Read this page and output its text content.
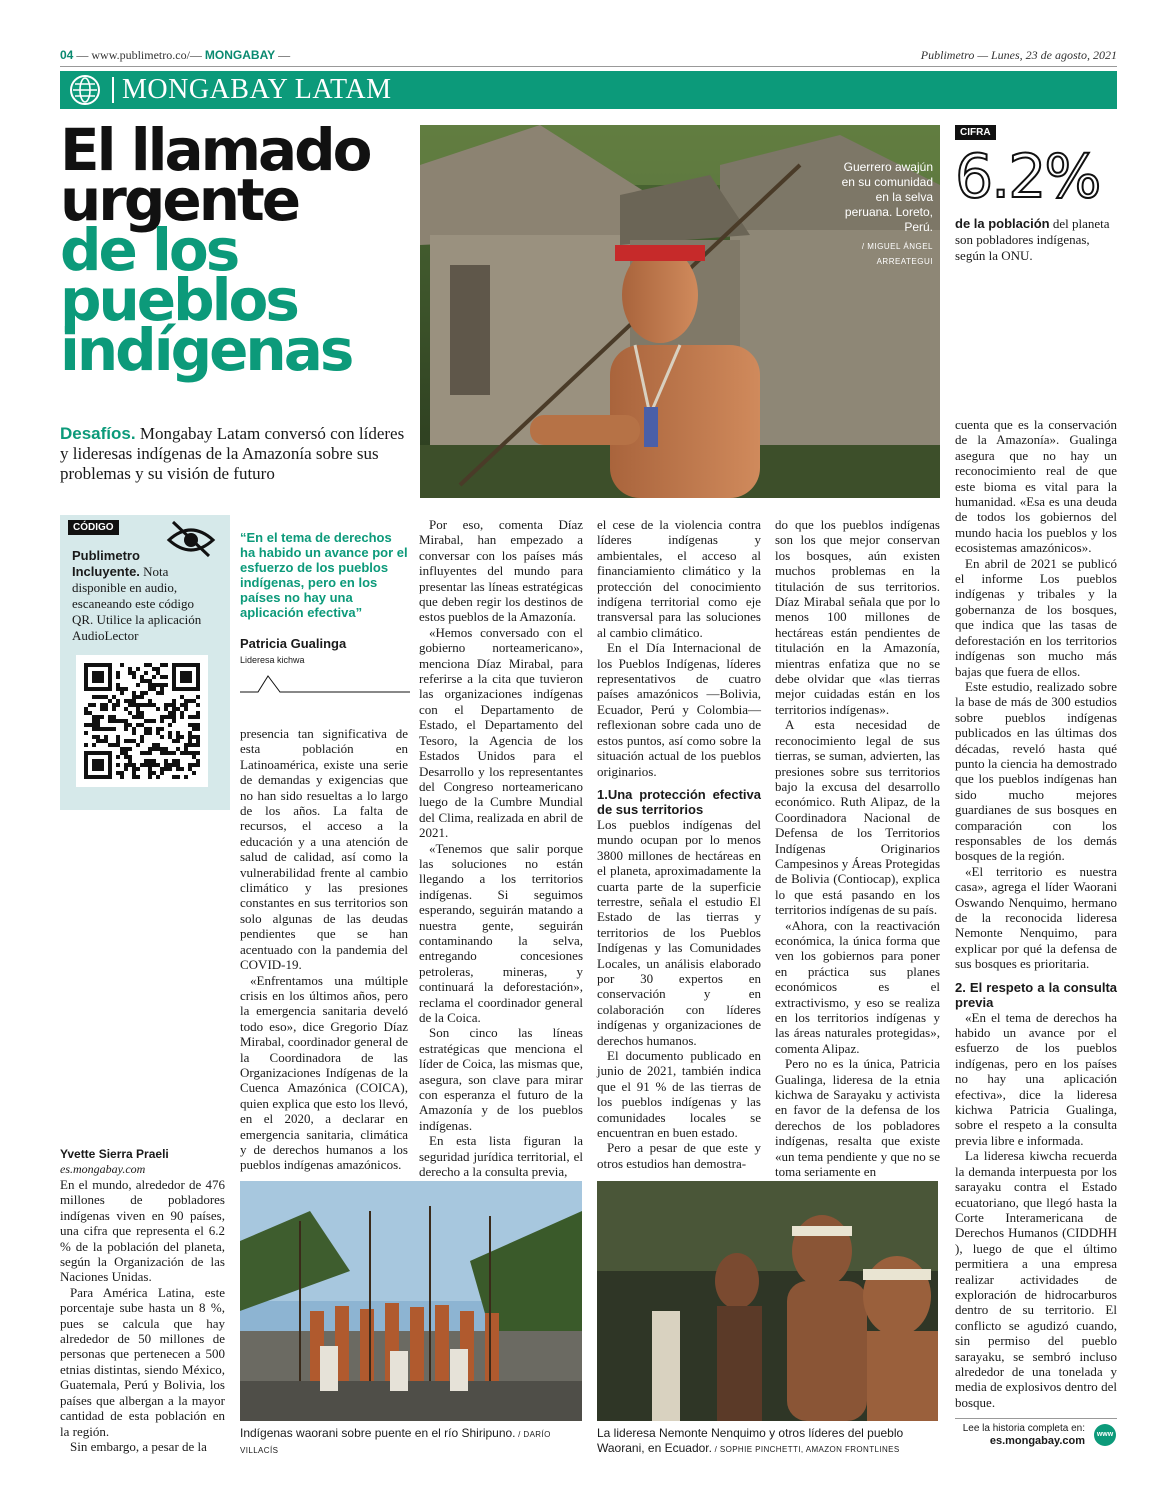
04 — www.publimetro.co/— MONGABAY —	Publimetro — Lunes, 23 de agosto, 2021
MONGABAY LATAM
El llamado
urgente
de los
pueblos
indígenas
Desafíos. Mongabay Latam conversó con líderes y lideresas indígenas de la Amazonía sobre sus problemas y su visión de futuro
Guerrero awajún en su comunidad en la selva peruana. Loreto, Perú.
/ MIGUEL ÁNGEL ARREATEGUI
CIFRA
6.2%
de la población del planeta son pobladores indígenas, según la ONU.
CÓDIGO
Publimetro Incluyente. Nota disponible en audio, escaneando este código QR. Utilice la aplicación AudioLector
“En el tema de derechos ha habido un avance por el esfuerzo de los pueblos indígenas, pero en los países no hay una aplicación efectiva”
Patricia Gualinga
Lideresa kichwa

presencia tan significativa de esta población en Latinoamérica, existe una serie de demandas y exigencias que no han sido resueltas a lo largo de los años. La falta de recursos, el acceso a la educación y a una atención de salud de calidad, así como la vulnerabilidad frente al cambio climático y las presiones constantes en sus territorios son solo algunas de las deudas pendientes que se han acentuado con la pandemia del COVID-19.

«Enfrentamos una múltiple crisis en los últimos años, pero la emergencia sanitaria develó todo eso», dice Gregorio Díaz Mirabal, coordinador general de la Coordinadora de las Organizaciones Indígenas de la Cuenca Amazónica (COICA), quien explica que esto los llevó, en el 2020, a declarar en emergencia sanitaria, climática y de derechos humanos a los pueblos indígenas amazónicos.

Yvette Sierra Praeli
es.mongabay.com

En el mundo, alrededor de 476 millones de pobladores indígenas viven en 90 países, una cifra que representa el 6.2 % de la población del planeta, según la Organización de las Naciones Unidas.

Para América Latina, este porcentaje sube hasta un 8 %, pues se calcula que hay alrededor de 50 millones de personas que pertenecen a 500 etnias distintas, siendo México, Guatemala, Perú y Bolivia, los países que albergan a la mayor cantidad de esta población en la región.

Sin embargo, a pesar de la

Por eso, comenta Díaz Mirabal, han empezado a conversar con los países más influyentes del mundo para presentar las líneas estratégicas que deben regir los destinos de estos pueblos de la Amazonía.

«Hemos conversado con el gobierno norteamericano», menciona Díaz Mirabal, para referirse a la cita que tuvieron las organizaciones indígenas con el Departamento de Estado, el Departamento del Tesoro, la Agencia de los Estados Unidos para el Desarrollo y los representantes del Congreso norteamericano luego de la Cumbre Mundial del Clima, realizada en abril de 2021.

«Tenemos que salir porque las soluciones no están llegando a los territorios indígenas. Si seguimos esperando, seguirán matando a nuestra gente, seguirán contaminando la selva, entregando concesiones petroleras, mineras, y continuará la deforestación», reclama el coordinador general de la Coica.

Son cinco las líneas estratégicas que menciona el líder de Coica, las mismas que, asegura, son clave para mirar con esperanza el futuro de la Amazonía y de los pueblos indígenas.

En esta lista figuran la seguridad jurídica territorial, el derecho a la consulta previa,

el cese de la violencia contra líderes indígenas y ambientales, el acceso al financiamiento climático y la protección del conocimiento indígena territorial como eje transversal para las soluciones al cambio climático.

En el Día Internacional de los Pueblos Indígenas, líderes representativos de cuatro países amazónicos —Bolivia, Ecuador, Perú y Colombia— reflexionan sobre cada uno de estos puntos, así como sobre la situación actual de los pueblos originarios.

1.Una protección efectiva de sus territorios

Los pueblos indígenas del mundo ocupan por lo menos 3800 millones de hectáreas en el planeta, aproximadamente la cuarta parte de la superficie terrestre, señala el estudio El Estado de las tierras y territorios de los Pueblos Indígenas y las Comunidades Locales, un análisis elaborado por 30 expertos en conservación y en colaboración con líderes indígenas y organizaciones de derechos humanos.

El documento publicado en junio de 2021, también indica que el 91 % de las tierras de los pueblos indígenas y las comunidades locales se encuentran en buen estado.

Pero a pesar de que este y otros estudios han demostra-

do que los pueblos indígenas son los que mejor conservan los bosques, aún existen muchos problemas en la titulación de sus territorios. Díaz Mirabal señala que por lo menos 100 millones de hectáreas están pendientes de titulación en la Amazonía, mientras enfatiza que no se debe olvidar que «las tierras mejor cuidadas están en los territorios indígenas».

A esta necesidad de reconocimiento legal de sus tierras, se suman, advierten, las presiones sobre sus territorios bajo la excusa del desarrollo económico. Ruth Alipaz, de la Coordinadora Nacional de Defensa de los Territorios Indígenas Originarios Campesinos y Áreas Protegidas de Bolivia (Contiocap), explica lo que está pasando en los territorios indígenas de su país.

«Ahora, con la reactivación económica, la única forma que ven los gobiernos para poner en práctica sus planes económicos es el extractivismo, y eso se realiza en los territorios indígenas y las áreas naturales protegidas», comenta Alipaz.

Pero no es la única, Patricia Gualinga, lideresa de la etnia kichwa de Sarayaku y activista en favor de la defensa de los derechos de los pobladores indígenas, resalta que existe «un tema pendiente y que no se toma seriamente en

cuenta que es la conservación de la Amazonía». Gualinga asegura que no hay un reconocimiento real de que este bioma es vital para la humanidad. «Esa es una deuda de todos los gobiernos del mundo hacia los pueblos y los ecosistemas amazónicos».

En abril de 2021 se publicó el informe Los pueblos indígenas y tribales y la gobernanza de los bosques, que indica que las tasas de deforestación en los territorios indígenas son mucho más bajas que fuera de ellos.

Este estudio, realizado sobre la base de más de 300 estudios sobre pueblos indígenas publicados en las últimas dos décadas, reveló hasta qué punto la ciencia ha demostrado que los pueblos indígenas han sido mucho mejores guardianes de sus bosques en comparación con los responsables de los demás bosques de la región.

«El territorio es nuestra casa», agrega el líder Waorani Oswando Nenquimo, hermano de la reconocida lideresa Nemonte Nenquimo, para explicar por qué la defensa de sus bosques es prioritaria.

2. El respeto a la consulta previa

«En el tema de derechos ha habido un avance por el esfuerzo de los pueblos indígenas, pero en los países no hay una aplicación efectiva», dice la lideresa kichwa Patricia Gualinga, sobre el respeto a la consulta previa libre e informada.

La lideresa kiwcha recuerda la demanda interpuesta por los sarayaku contra el Estado ecuatoriano, que llegó hasta la Corte Interamericana de Derechos Humanos (CIDDHH ), luego de que el último permitiera a una empresa realizar actividades de exploración de hidrocarburos dentro de su territorio. El conflicto se agudizó cuando, sin permiso del pueblo sarayaku, se sembró incluso alrededor de una tonelada y media de explosivos dentro del bosque.

Indígenas waorani sobre puente en el río Shiripuno. / DARÍO VILLACÍS
La lideresa Nemonte Nenquimo y otros líderes del pueblo Waorani, en Ecuador. / SOPHIE PINCHETTI, AMAZON FRONTLINES
Lee la historia completa en:
es.mongabay.com
www
